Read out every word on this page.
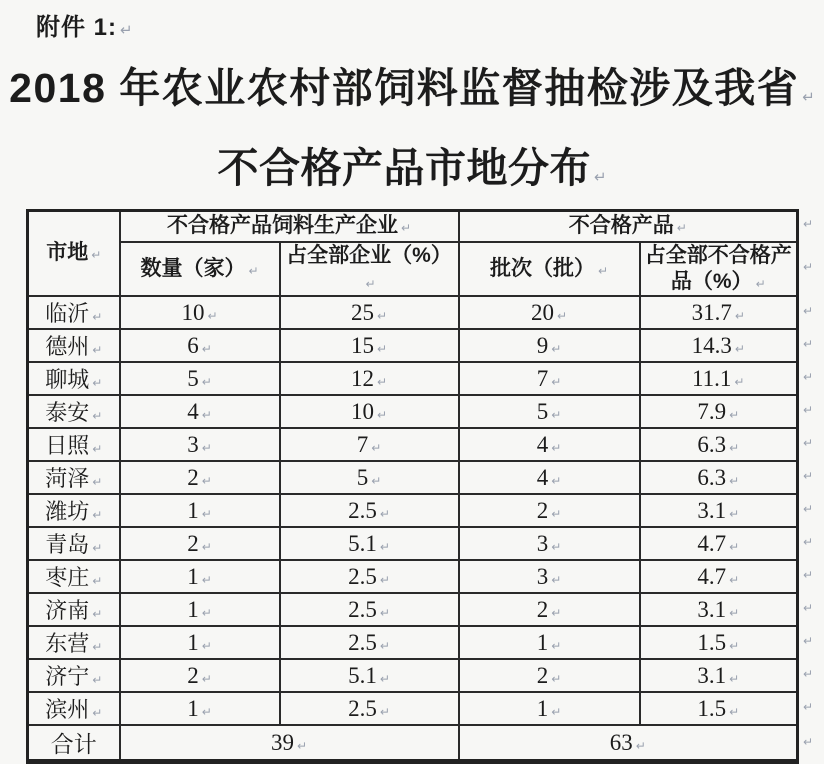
附件 1: ↵
2018 年农业农村部饲料监督抽检涉及我省 ↵
不合格产品市地分布 ↵
市地 ↵	不合格产品饲料生产企业 ↵		不合格产品 ↵	
	数量（家） ↵	占全部企业（%）↵	批次（批） ↵	占全部不合格产品（%） ↵
临沂 ↵	10 ↵	25 ↵	20 ↵	31.7 ↵
德州 ↵	6 ↵	15 ↵	9 ↵	14.3 ↵
聊城 ↵	5 ↵	12 ↵	7 ↵	11.1 ↵
泰安 ↵	4 ↵	10 ↵	5 ↵	7.9 ↵
日照 ↵	3 ↵	7 ↵	4 ↵	6.3 ↵
菏泽 ↵	2 ↵	5 ↵	4 ↵	6.3 ↵
潍坊 ↵	1 ↵	2.5 ↵	2 ↵	3.1 ↵
青岛 ↵	2 ↵	5.1 ↵	3 ↵	4.7 ↵
枣庄 ↵	1 ↵	2.5 ↵	3 ↵	4.7 ↵
济南 ↵	1 ↵	2.5 ↵	2 ↵	3.1 ↵
东营 ↵	1 ↵	2.5 ↵	1 ↵	1.5 ↵
济宁 ↵	2 ↵	5.1 ↵	2 ↵	3.1 ↵
滨州 ↵	1 ↵	2.5 ↵	1 ↵	1.5 ↵
合计	39 ↵		63 ↵	
↵
↵
↵
↵
↵
↵
↵
↵
↵
↵
↵
↵
↵
↵
↵
↵
